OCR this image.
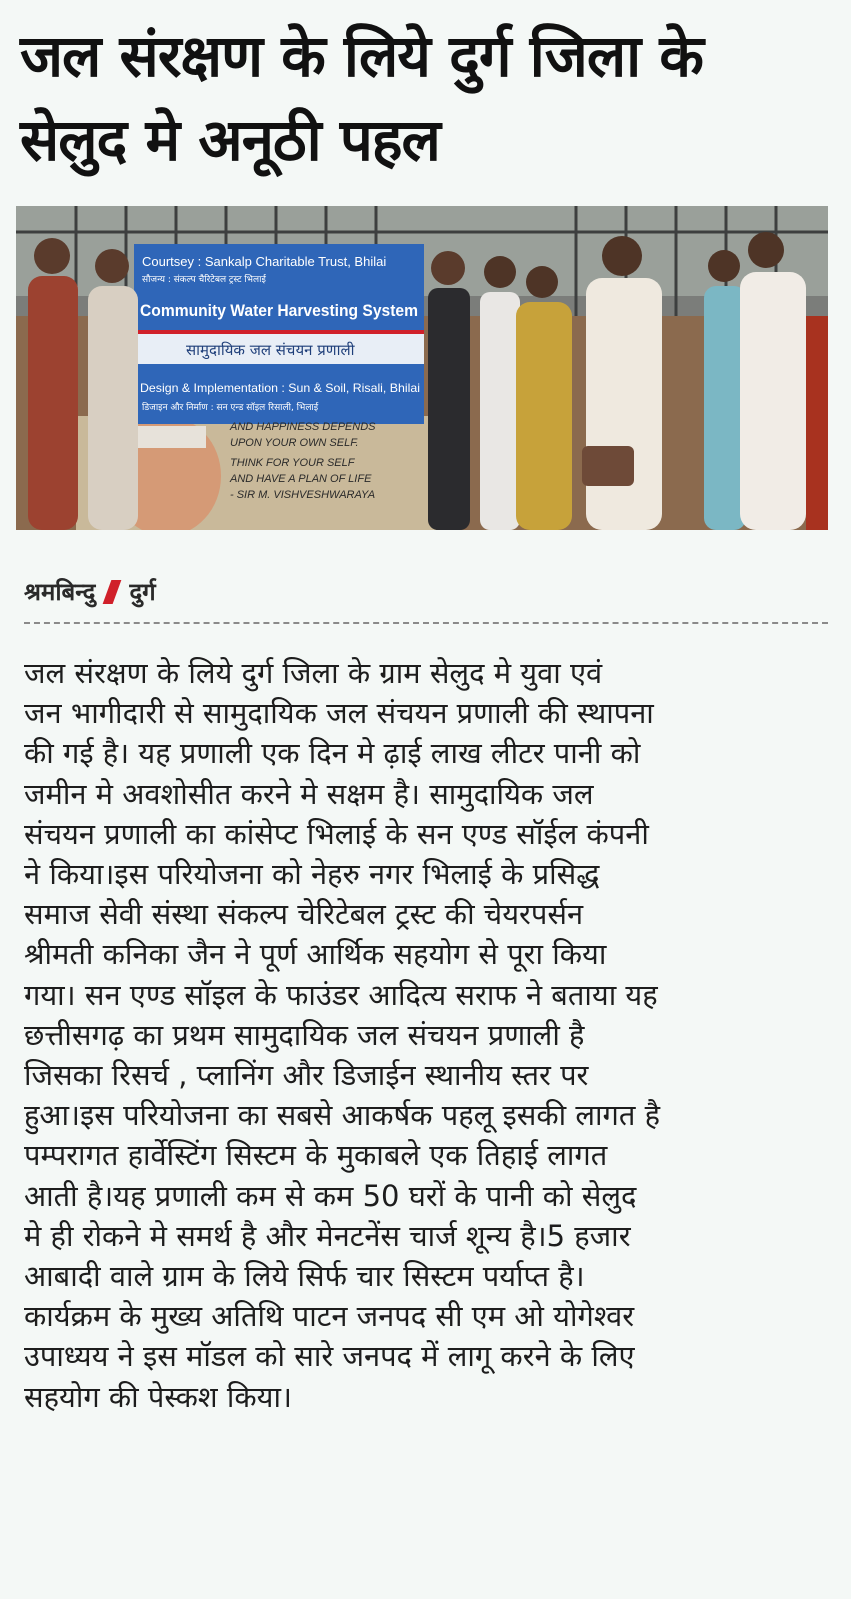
जल संरक्षण के लिये दुर्ग जिला के
सेलुद मे अनूठी पहल
Courtsey : Sankalp Charitable Trust, Bhilai
सौजन्य : संकल्प चैरिटेबल ट्रस्ट भिलाई
Community Water Harvesting System
सामुदायिक जल संचयन प्रणाली
Design & Implementation : Sun & Soil, Risali, Bhilai
डिजाइन और निर्माण : सन एन्ड सॉइल रिसाली, भिलाई
AND HAPPINESS DEPENDS
UPON YOUR OWN SELF.
THINK FOR YOUR SELF
AND HAVE A PLAN OF LIFE
- SIR M. VISHVESHWARAYA
श्रमबिन्दु दुर्ग
जल संरक्षण के लिये दुर्ग जिला के ग्राम सेलुद मे युवा एवं
जन भागीदारी से सामुदायिक जल संचयन प्रणाली की स्थापना
की गई है। यह प्रणाली एक दिन मे ढ़ाई लाख लीटर पानी को
जमीन मे अवशोसीत करने मे सक्षम है। सामुदायिक जल
संचयन प्रणाली का कांसेप्ट भिलाई के सन एण्ड सॉईल कंपनी
ने किया।इस परियोजना को नेहरु नगर भिलाई के प्रसिद्ध
समाज सेवी संस्था संकल्प चेरिटेबल ट्रस्ट की चेयरपर्सन
श्रीमती कनिका जैन ने पूर्ण आर्थिक सहयोग से पूरा किया
गया। सन एण्ड सॉइल के फाउंडर आदित्य सराफ ने बताया यह
छत्तीसगढ़ का प्रथम सामुदायिक जल संचयन प्रणाली है
जिसका रिसर्च , प्लानिंग और डिजाईन स्थानीय स्तर पर
हुआ।इस परियोजना का सबसे आकर्षक पहलू इसकी लागत है
पम्परागत हार्वेस्टिंग सिस्टम के मुकाबले एक तिहाई लागत
आती है।यह प्रणाली कम से कम 50 घरों के पानी को सेलुद
मे ही रोकने मे समर्थ है और मेनटनेंस चार्ज शून्य है।5 हजार
आबादी वाले ग्राम के लिये सिर्फ चार सिस्टम पर्याप्त है।
कार्यक्रम के मुख्य अतिथि पाटन जनपद सी एम ओ योगेश्वर
उपाध्यय ने इस मॉडल को सारे जनपद में लागू करने के लिए
सहयोग की पेस्कश किया।
